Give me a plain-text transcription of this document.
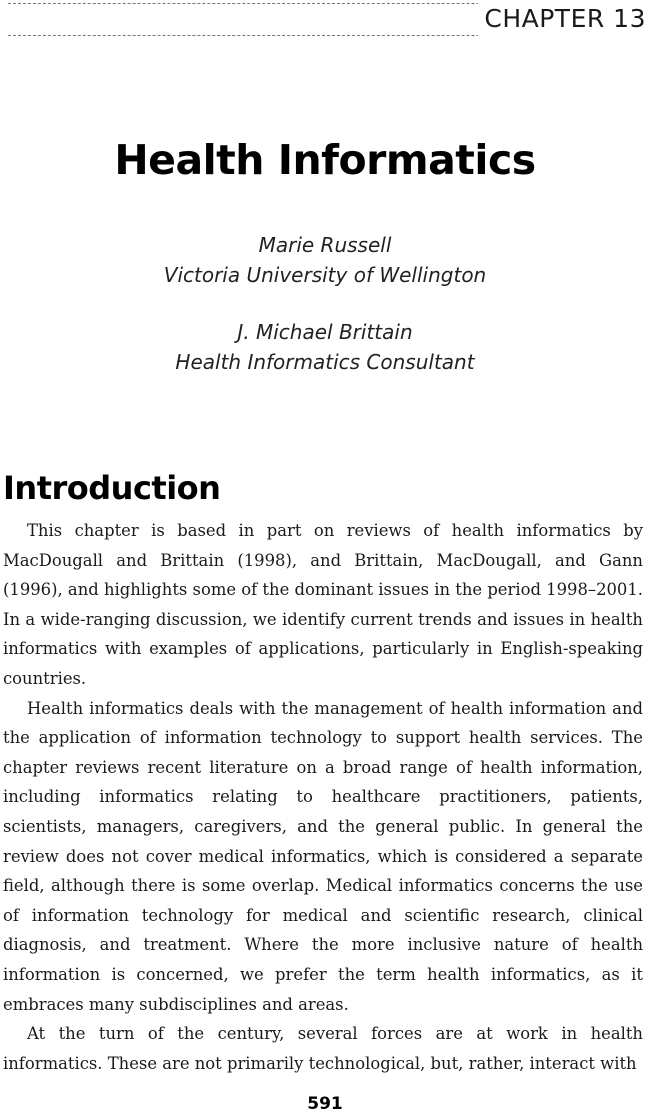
CHAPTER 13
Health Informatics
Marie Russell
Victoria University of Wellington
J. Michael Brittain
Health Informatics Consultant
Introduction

This chapter is based in part on reviews of health informatics by MacDougall and Brittain (1998), and Brittain, MacDougall, and Gann (1996), and highlights some of the dominant issues in the period 1998–2001. In a wide-ranging discussion, we identify current trends and issues in health informatics with examples of applications, particularly in English-speaking countries.

Health informatics deals with the management of health information and the application of information technology to support health services. The chapter reviews recent literature on a broad range of health information, including informatics relating to healthcare practitioners, patients, scientists, managers, caregivers, and the general public. In general the review does not cover medical informatics, which is considered a separate field, although there is some overlap. Medical informatics concerns the use of information technology for medical and scientific research, clinical diagnosis, and treatment. Where the more inclusive nature of health information is concerned, we prefer the term health informatics, as it embraces many subdisciplines and areas.

At the turn of the century, several forces are at work in health informatics. These are not primarily technological, but, rather, interact with

591
